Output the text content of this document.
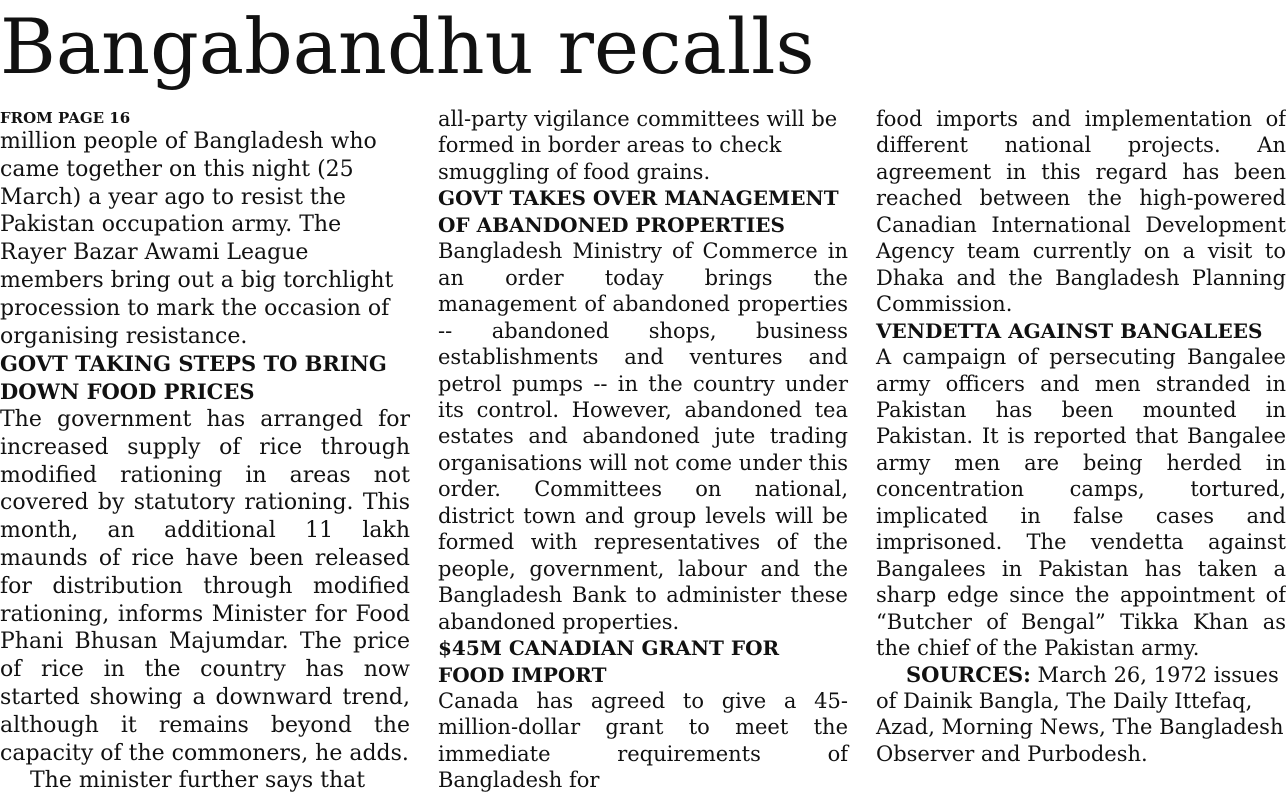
Bangabandhu recalls
FROM PAGE 16

million people of Bangladesh who came together on this night (25 March) a year ago to resist the Pakistan occupation army. The Rayer Bazar Awami League members bring out a big torchlight procession to mark the occasion of organising resistance.

GOVT TAKING STEPS TO BRING DOWN FOOD PRICES

The government has arranged for increased supply of rice through modified rationing in areas not covered by statutory rationing. This month, an additional 11 lakh maunds of rice have been released for distribution through modified rationing, informs Minister for Food Phani Bhusan Majumdar. The price of rice in the country has now started showing a downward trend, although it remains beyond the capacity of the commoners, he adds.

The minister further says that

all-party vigilance committees will be formed in border areas to check smuggling of food grains.

GOVT TAKES OVER MANAGEMENT OF ABANDONED PROPERTIES

Bangladesh Ministry of Commerce in an order today brings the management of abandoned properties -- abandoned shops, business establishments and ventures and petrol pumps -- in the country under its control. However, abandoned tea estates and abandoned jute trading organisations will not come under this order. Committees on national, district town and group levels will be formed with representatives of the people, government, labour and the Bangladesh Bank to administer these abandoned properties.

$45M CANADIAN GRANT FOR FOOD IMPORT

Canada has agreed to give a 45-million-dollar grant to meet the immediate requirements of Bangladesh for

food imports and implementation of different national projects. An agreement in this regard has been reached between the high-powered Canadian International Development Agency team currently on a visit to Dhaka and the Bangladesh Planning Commission.

VENDETTA AGAINST BANGALEES

A campaign of persecuting Bangalee army officers and men stranded in Pakistan has been mounted in Pakistan. It is reported that Bangalee army men are being herded in concentration camps, tortured, implicated in false cases and imprisoned. The vendetta against Bangalees in Pakistan has taken a sharp edge since the appointment of “Butcher of Bengal” Tikka Khan as the chief of the Pakistan army.

SOURCES: March 26, 1972 issues of Dainik Bangla, The Daily Ittefaq, Azad, Morning News, The Bangladesh Observer and Purbodesh.
